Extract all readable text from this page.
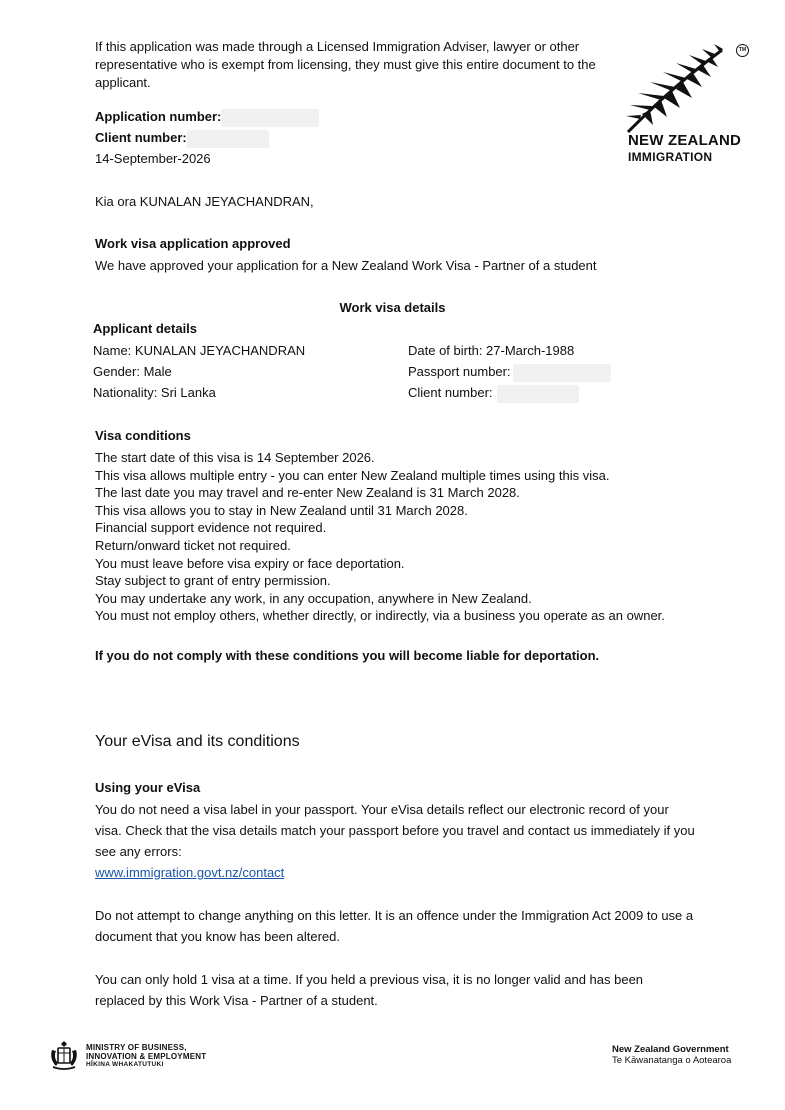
If this application was made through a Licensed Immigration Adviser, lawyer or other representative who is exempt from licensing, they must give this entire document to the applicant.
TM
NEW ZEALAND
IMMIGRATION
Application number:
Client number:
14-September-2026
Kia ora KUNALAN JEYACHANDRAN,
Work visa application approved
We have approved your application for a New Zealand Work Visa - Partner of a student
Work visa details
Applicant details
Name: KUNALAN JEYACHANDRAN
Gender: Male
Nationality: Sri Lanka
Date of birth: 27-March-1988
Passport number:
Client number:
Visa conditions
The start date of this visa is 14 September 2026.
This visa allows multiple entry - you can enter New Zealand multiple times using this visa.
The last date you may travel and re-enter New Zealand is 31 March 2028.
This visa allows you to stay in New Zealand until 31 March 2028.
Financial support evidence not required.
Return/onward ticket not required.
You must leave before visa expiry or face deportation.
Stay subject to grant of entry permission.
You may undertake any work, in any occupation, anywhere in New Zealand.
You must not employ others, whether directly, or indirectly, via a business you operate as an owner.
If you do not comply with these conditions you will become liable for deportation.
Your eVisa and its conditions
Using your eVisa
You do not need a visa label in your passport. Your eVisa details reflect our electronic record of your visa. Check that the visa details match your passport before you travel and contact us immediately if you see any errors:
www.immigration.govt.nz/contact
Do not attempt to change anything on this letter. It is an offence under the Immigration Act 2009 to use a document that you know has been altered.
You can only hold 1 visa at a time. If you held a previous visa, it is no longer valid and has been replaced by this Work Visa - Partner of a student.
MINISTRY OF BUSINESS,
INNOVATION & EMPLOYMENT
HĪKINA WHAKATUTUKI
New Zealand Government
Te Kāwanatanga o Aotearoa
